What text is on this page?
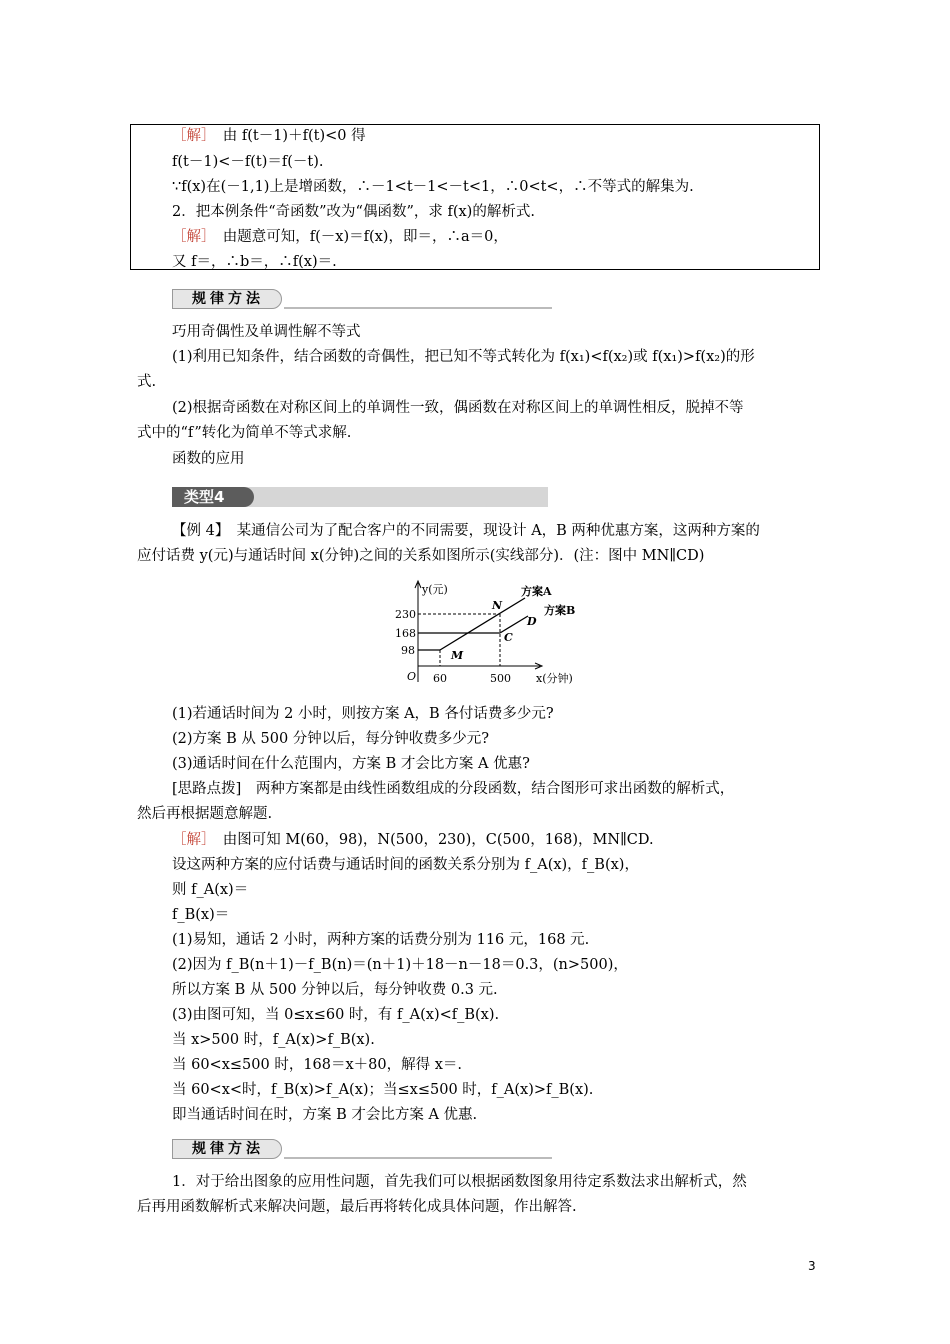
［解］　由 f(t－1)＋f(t)<0 得
f(t－1)<－f(t)＝f(－t).
∵f(x)在(－1,1)上是增函数，∴－1<t－1<－t<1，∴0<t<，∴不等式的解集为.
2．把本例条件“奇函数”改为“偶函数”，求 f(x)的解析式.
［解］　由题意可知，f(－x)＝f(x)，即＝，∴a＝0，
又 f＝，∴b＝，∴f(x)＝.
规律方法
巧用奇偶性及单调性解不等式
(1)利用已知条件，结合函数的奇偶性，把已知不等式转化为 f(x₁)<f(x₂)或 f(x₁)>f(x₂)的形
式.
(2)根据奇函数在对称区间上的单调性一致，偶函数在对称区间上的单调性相反，脱掉不等
式中的“f”转化为简单不等式求解.
函数的应用
类型4
【例 4】　某通信公司为了配合客户的不同需要，现设计 A，B 两种优惠方案，这两种方案的
应付话费 y(元)与通话时间 x(分钟)之间的关系如图所示(实线部分)．(注：图中 MN∥CD)
y(元)
x(分钟)
O
230
168
98
60	500
M
N
C
D
方案A
方案B
(1)若通话时间为 2 小时，则按方案 A，B 各付话费多少元?
(2)方案 B 从 500 分钟以后，每分钟收费多少元?
(3)通话时间在什么范围内，方案 B 才会比方案 A 优惠?
[思路点拨]　两种方案都是由线性函数组成的分段函数，结合图形可求出函数的解析式，
然后再根据题意解题.
［解］　由图可知 M(60，98)，N(500，230)，C(500，168)，MN∥CD.
设这两种方案的应付话费与通话时间的函数关系分别为 f_A(x)，f_B(x)，
则 f_A(x)＝
f_B(x)＝
(1)易知，通话 2 小时，两种方案的话费分别为 116 元，168 元.
(2)因为 f_B(n＋1)－f_B(n)＝(n＋1)＋18－n－18＝0.3，(n>500)，
所以方案 B 从 500 分钟以后，每分钟收费 0.3 元.
(3)由图可知，当 0≤x≤60 时，有 f_A(x)<f_B(x).
当 x>500 时，f_A(x)>f_B(x).
当 60<x≤500 时，168＝x＋80，解得 x＝.
当 60<x<时，f_B(x)>f_A(x)；当≤x≤500 时，f_A(x)>f_B(x).
即当通话时间在时，方案 B 才会比方案 A 优惠.
规律方法
1．对于给出图象的应用性问题，首先我们可以根据函数图象用待定系数法求出解析式，然
后再用函数解析式来解决问题，最后再将转化成具体问题，作出解答.
3
